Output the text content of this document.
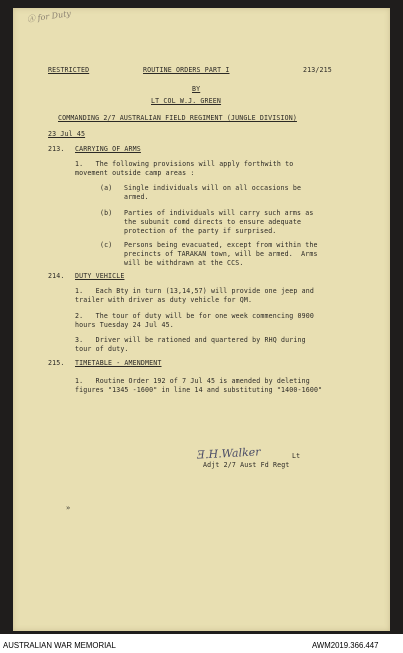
Ⓐ for Duty
RESTRICTED	ROUTINE ORDERS PART I	213/215
BY
LT COL W.J. GREEN
COMMANDING 2/7 AUSTRALIAN FIELD REGIMENT (JUNGLE DIVISION)
23 Jul 45
213. CARRYING OF ARMS
1.   The following provisions will apply forthwith to
movement outside camp areas :
(a) Single individuals will on all occasions be
armed.
(b) Parties of individuals will carry such arms as
the subunit comd directs to ensure adequate
protection of the party if surprised.
(c) Persons being evacuated, except from within the
precincts of TARAKAN town, will be armed.  Arms
will be withdrawn at the CCS.
214. DUTY VEHICLE
1.   Each Bty in turn (13,14,57) will provide one jeep and
trailer with driver as duty vehicle for QM.
2.   The tour of duty will be for one week commencing 0900
hours Tuesday 24 Jul 45.
3.   Driver will be rationed and quartered by RHQ during
tour of duty.
215. TIMETABLE - AMENDMENT
1.   Routine Order 192 of 7 Jul 45 is amended by deleting
figures "1345 -1600" in line 14 and substituting "1400-1600"
Ǝ.H.Walker	Lt
Adjt 2/7 Aust Fd Regt
»
AUSTRALIAN WAR MEMORIAL	AWM2019.366.447
